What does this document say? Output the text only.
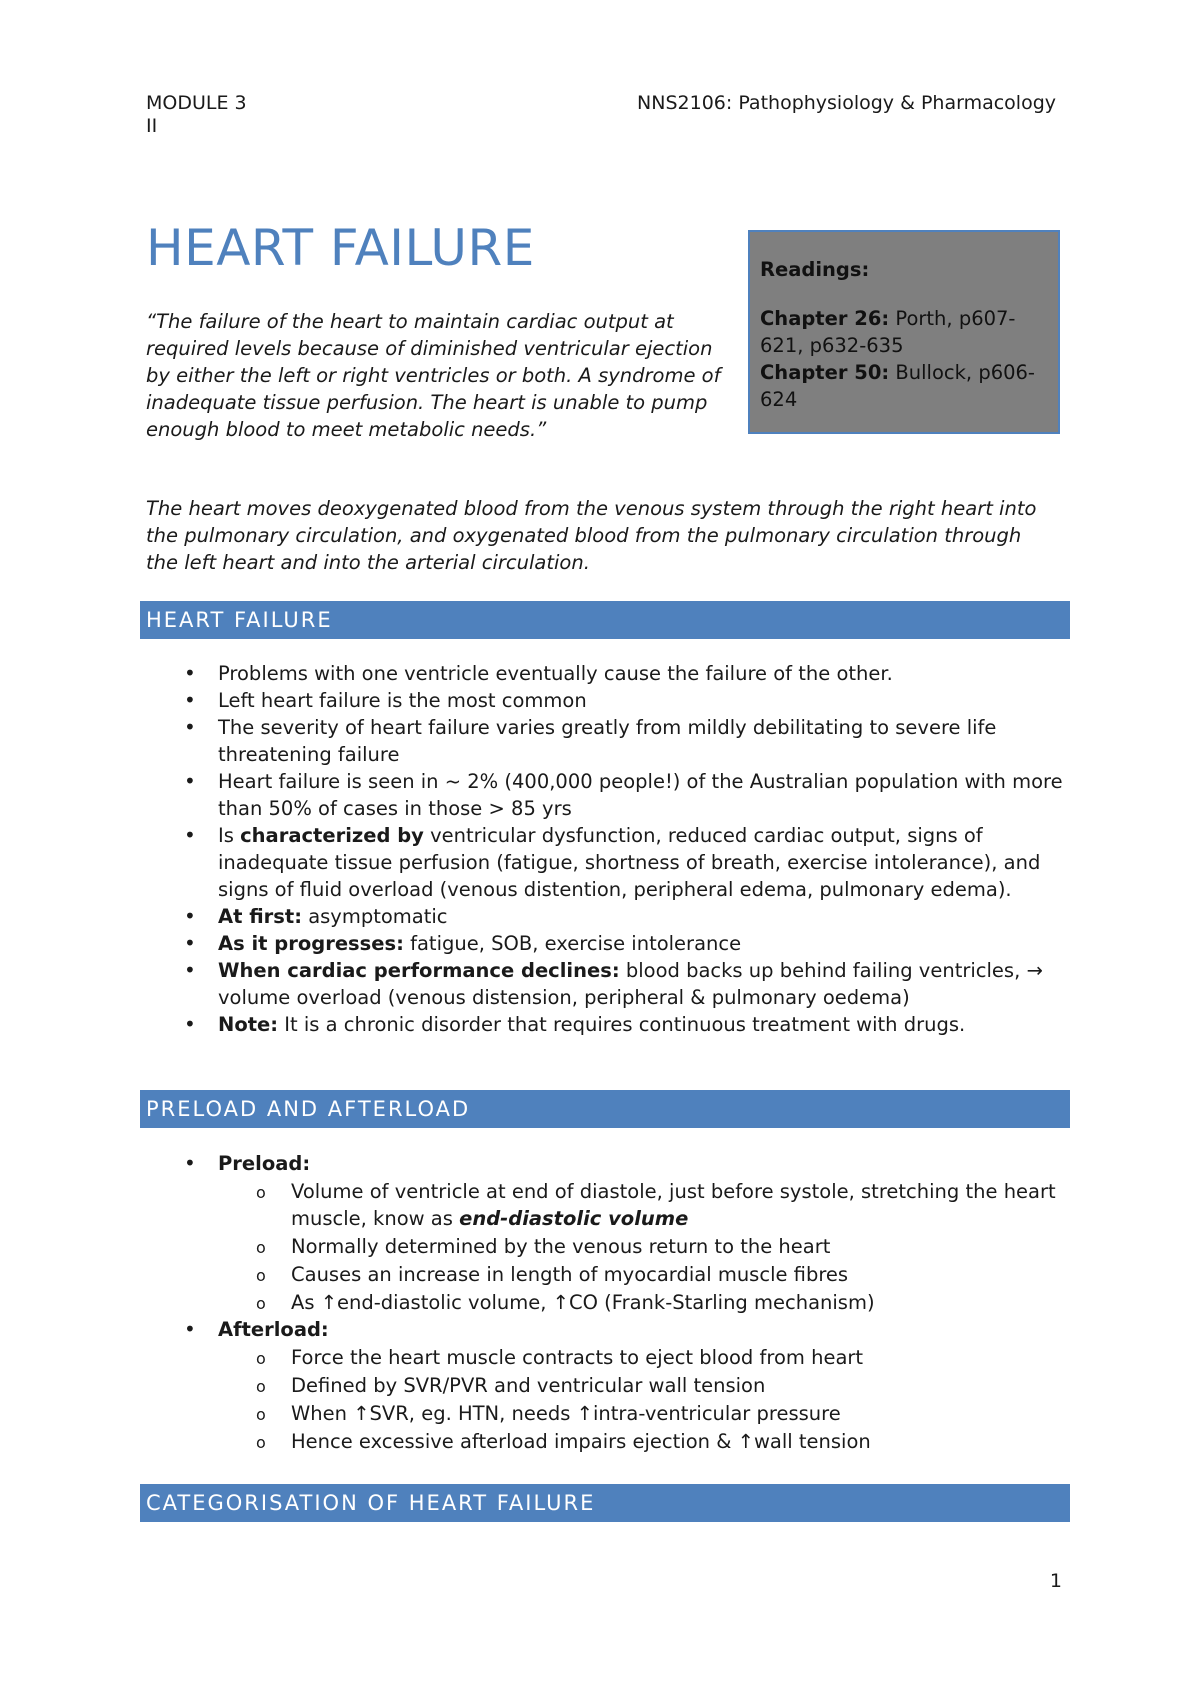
MODULE 3
II
NNS2106: Pathophysiology & Pharmacology
HEART FAILURE

“The failure of the heart to maintain cardiac output at required levels because of diminished ventricular ejection by either the left or right ventricles or both. A syndrome of inadequate tissue perfusion. The heart is unable to pump enough blood to meet metabolic needs.”

Readings:
Chapter 26: Porth, p607-621, p632-635
Chapter 50: Bullock, p606-624

The heart moves deoxygenated blood from the venous system through the right heart into the pulmonary circulation, and oxygenated blood from the pulmonary circulation through the left heart and into the arterial circulation.

HEART FAILURE
• Problems with one ventricle eventually cause the failure of the other.
• Left heart failure is the most common
• The severity of heart failure varies greatly from mildly debilitating to severe life threatening failure
• Heart failure is seen in ~ 2% (400,000 people!) of the Australian population with more than 50% of cases in those > 85 yrs
• Is characterized by ventricular dysfunction, reduced cardiac output, signs of inadequate tissue perfusion (fatigue, shortness of breath, exercise intolerance), and signs of fluid overload (venous distention, peripheral edema, pulmonary edema).
• At first: asymptomatic
• As it progresses: fatigue, SOB, exercise intolerance
• When cardiac performance declines: blood backs up behind failing ventricles, → volume overload (venous distension, peripheral & pulmonary oedema)
• Note: It is a chronic disorder that requires continuous treatment with drugs.
PRELOAD AND AFTERLOAD
• Preload:
o Volume of ventricle at end of diastole, just before systole, stretching the heart muscle, know as end-diastolic volume
o Normally determined by the venous return to the heart
o Causes an increase in length of myocardial muscle fibres
o As ↑end-diastolic volume, ↑CO (Frank-Starling mechanism)
• Afterload:
o Force the heart muscle contracts to eject blood from heart
o Defined by SVR/PVR and ventricular wall tension
o When ↑SVR, eg. HTN, needs ↑intra-ventricular pressure
o Hence excessive afterload impairs ejection & ↑wall tension
CATEGORISATION OF HEART FAILURE
1
